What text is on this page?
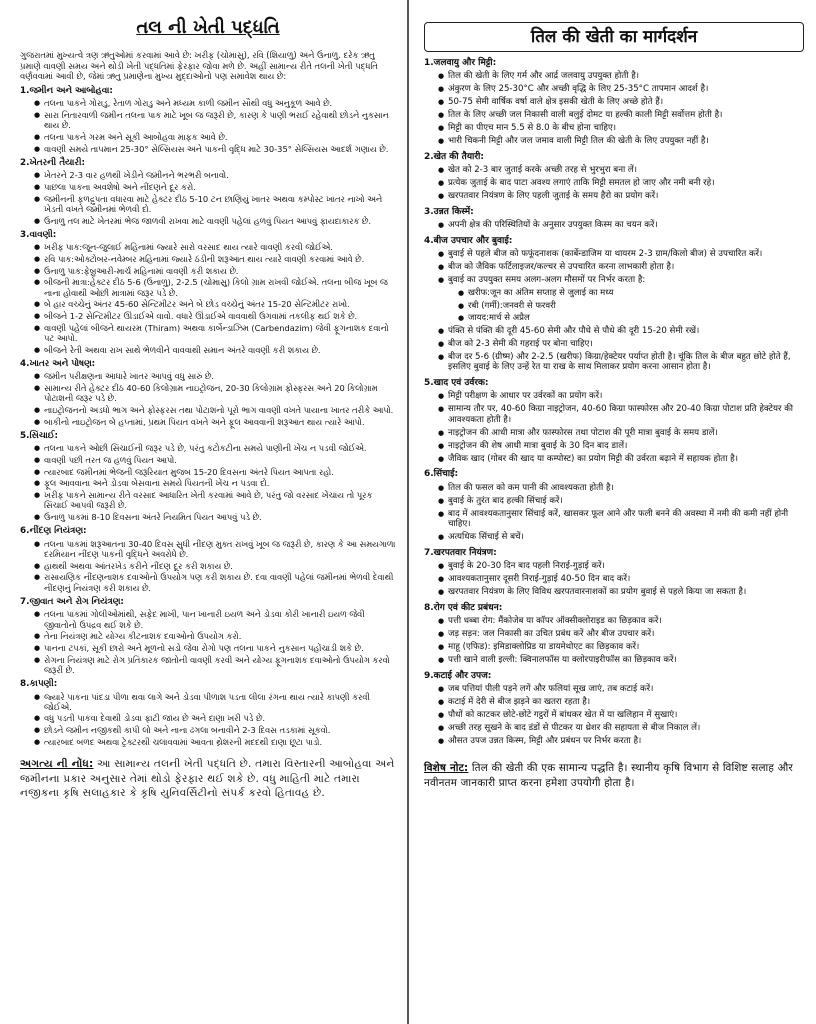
તલ ની ખેતી પદ્ધતિ
ગુજરાતમાં મુખ્યત્વે ત્રણ ઋતુઓમાં કરવામાં આવે છે: ખરીફ (ચોમાસુ), રવિ (શિયાળુ) અને ઉનાળુ. દરેક ઋતુ પ્રમાણે વાવણી સમય અને થોડી ખેતી પદ્ધતિમાં ફેરફાર જોવા મળે છે. અહીં સામાન્ય રીતે તલની ખેતી પદ્ધતિ વર્ણવવામાં આવી છે, જેમાં ઋતુ પ્રમાણેના મુખ્ય મુદ્દાઓનો પણ સમાવેશ થાય છે:
1.જમીન અને આબોહવા:
● તલના પાકને ગોરાડુ, રેતાળ ગોરાડુ અને મધ્યમ કાળી જમીન સૌથી વધુ અનુકૂળ આવે છે.
● સારા નિતારવાળી જમીન તલના પાક માટે ખૂબ જ જરૂરી છે, કારણ કે પાણી ભરાઈ રહેવાથી છોડને નુકસાન થાય છે.
● તલના પાકને ગરમ અને સૂકી આબોહવા માફક આવે છે.
● વાવણી સમયે તાપમાન 25-30° સેલ્સિયસ અને પાકની વૃદ્ધિ માટે 30-35° સેલ્સિયસ આદર્શ ગણાય છે.
2.ખેતરની તૈયારી:
● ખેતરને 2-3 વાર હળથી ખેડીને જમીનને ભરભરી બનાવો.
● પાછલા પાકના અવશેષો અને નીંદણને દૂર કરો.
● જમીનની ફળદ્રુપતા વધારવા માટે હેક્ટર દીઠ 5-10 ટન છાણિયું ખાતર અથવા કમ્પોસ્ટ ખાતર નાખો અને ખેડતી વખતે જમીનમાં ભેળવી દો.
● ઉનાળુ તલ માટે ખેતરમાં ભેજ જાળવી રાખવા માટે વાવણી પહેલાં હળવું પિયત આપવું ફાયદાકારક છે.
3.વાવણી:
● ખરીફ પાક:જૂન-જુલાઈ મહિનામાં જ્યારે સારો વરસાદ થાય ત્યારે વાવણી કરવી જોઈએ.
● રવિ પાક:ઓક્ટોબર-નવેમ્બર મહિનામાં જ્યારે ઠંડીની શરૂઆત થાય ત્યારે વાવણી કરવામાં આવે છે.
● ઉનાળુ પાક:ફેબ્રુઆરી-માર્ચ મહિનામાં વાવણી કરી શકાય છે.
● બીજની માત્રા:હેક્ટર દીઠ 5-6 (ઉનાળુ), 2-2.5 (ચોમાસુ) કિલો ગ્રામ રાખવી જોઈએ. તલના બીજ ખૂબ જ નાના હોવાથી ઓછી માત્રામાં જરૂર પડે છે.
● બે હાર વચ્ચેનું અંતર 45-60 સેન્ટિમીટર અને બે છોડ વચ્ચેનું અંતર 15-20 સેન્ટિમીટર રાખો.
● બીજને 1-2 સેન્ટિમીટર ઊંડાઈએ વાવો. વધારે ઊંડાઈએ વાવવાથી ઉગવામાં તકલીફ થઈ શકે છે.
● વાવણી પહેલાં બીજને થાયરમ (Thiram) અથવા કાર્બેન્ડાઝિમ (Carbendazim) જેવી ફૂગનાશક દવાનો પટ આપો.
● બીજને રેતી અથવા રાખ સાથે ભેળવીને વાવવાથી સમાન અંતરે વાવણી કરી શકાય છે.
4.ખાતર અને પોષણ:
● જમીન પરીક્ષણના આધારે ખાતર આપવું વધુ સારું છે.
● સામાન્ય રીતે હેક્ટર દીઠ 40-60 કિલોગ્રામ નાઇટ્રોજન, 20-30 કિલોગ્રામ ફોસ્ફરસ અને 20 કિલોગ્રામ પોટાશની જરૂર પડે છે.
● નાઇટ્રોજનનો અડધો ભાગ અને ફોસ્ફરસ તથા પોટાશનો પૂરો ભાગ વાવણી વખતે પાયાના ખાતર તરીકે આપો.
● બાકીનો નાઇટ્રોજન બે હપ્તામાં, પ્રથમ પિયત વખતે અને ફૂલ આવવાની શરૂઆત થાય ત્યારે આપો.
5.સિંચાઈ:
● તલના પાકને ઓછી સિંચાઈની જરૂર પડે છે, પરંતુ કટોકટીના સમયે પાણીની ખેંચ ન પડવી જોઈએ.
● વાવણી પછી તરત જ હળવું પિયત આપો.
● ત્યારબાદ જમીનમાં ભેજની જરૂરિયાત મુજબ 15-20 દિવસના અંતરે પિયત આપતા રહો.
● ફૂલ આવવાના અને ડોડવા બેસવાના સમયે પિયતની ખેંચ ન પડવા દો.
● ખરીફ પાકને સામાન્ય રીતે વરસાદ આધારિત ખેતી કરવામાં આવે છે, પરંતુ જો વરસાદ ખેંચાય તો પૂરક સિંચાઈ આપવી જરૂરી છે.
● ઉનાળુ પાકમાં 8-10 દિવસના અંતરે નિયમિત પિયત આપવું પડે છે.
6.નીંદણ નિયંત્રણ:
● તલના પાકમાં શરૂઆતના 30-40 દિવસ સુધી નીંદણ મુક્ત રાખવું ખૂબ જ જરૂરી છે, કારણ કે આ સમયગાળા દરમિયાન નીંદણ પાકની વૃદ્ધિને અવરોધે છે.
● હાથથી અથવા આંતરખેડ કરીને નીંદણ દૂર કરી શકાય છે.
● રાસાયણિક નીંદણનાશક દવાઓનો ઉપયોગ પણ કરી શકાય છે. દવા વાવણી પહેલાં જમીનમાં ભેળવી દેવાથી નીંદણનું નિયંત્રણ કરી શકાય છે.
7.જીવાત અને રોગ નિયંત્રણ:
● તલના પાકમાં ગોલીઓમાંથી, સફેદ માખી, પાન ખાનારી ઇયળ અને ડોડવા કોરી ખાનારી ઇયળ જેવી જીવાતોનો ઉપદ્રવ થઈ શકે છે.
● તેના નિયંત્રણ માટે યોગ્ય કીટનાશક દવાઓનો ઉપયોગ કરો.
● પાનના ટપકાં, સૂકી છારો અને મૂળનો સડો જેવા રોગો પણ તલના પાકને નુકસાન પહોંચાડી શકે છે.
● રોગના નિયંત્રણ માટે રોગ પ્રતિકારક જાતોની વાવણી કરવી અને યોગ્ય ફૂગનાશક દવાઓનો ઉપયોગ કરવો જરૂરી છે.
8.કાપણી:
● જ્યારે પાકના પાંદડા પીળા થવા લાગે અને ડોડવા પીળાશ પડતા લીલા રંગના થાય ત્યારે કાપણી કરવી જોઈએ.
● વધુ પડતી પાકવા દેવાથી ડોડવા ફાટી જાય છે અને દાણા ખરી પડે છે.
● છોડને જમીન નજીકથી કાપી લો અને નાના ઢગલા બનાવીને 2-3 દિવસ તડકામાં સૂકવો.
● ત્યારબાદ બળદ અથવા ટ્રેક્ટરથી ચલાવવામાં આવતા થ્રેશરની મદદથી દાણા છૂટા પાડો.
અગત્ય ની નોંધ: આ સામાન્ય તલની ખેતી પદ્ધતિ છે. તમારા વિસ્તારની આબોહવા અને જમીનના પ્રકાર અનુસાર તેમાં થોડો ફેરફાર થઈ શકે છે. વધુ માહિતી માટે તમારા નજીકના કૃષિ સલાહકાર કે કૃષિ યુનિવર્સિટીનો સંપર્ક કરવો હિતાવહ છે.
तिल की खेती का मार्गदर्शन
1.जलवायु और मिट्टी:
● तिल की खेती के लिए गर्म और आर्द्र जलवायु उपयुक्त होती है।
● अंकुरण के लिए 25-30°C और अच्छी वृद्धि के लिए 25-35°C तापमान आदर्श है।
● 50-75 सेमी वार्षिक वर्षा वाले क्षेत्र इसकी खेती के लिए अच्छे होते हैं।
● तिल के लिए अच्छी जल निकासी वाली बलुई दोमट या हल्की काली मिट्टी सर्वोत्तम होती है।
● मिट्टी का पीएच मान 5.5 से 8.0 के बीच होना चाहिए।
● भारी चिकनी मिट्टी और जल जमाव वाली मिट्टी तिल की खेती के लिए उपयुक्त नहीं है।
2.खेत की तैयारी:
● खेत को 2-3 बार जुताई करके अच्छी तरह से भुरभुरा बना लें।
● प्रत्येक जुताई के बाद पाटा अवश्य लगाएं ताकि मिट्टी समतल हो जाए और नमी बनी रहे।
● खरपतवार नियंत्रण के लिए पहली जुताई के समय हैरो का प्रयोग करें।
3.उन्नत किस्में:
● अपनी क्षेत्र की परिस्थितियों के अनुसार उपयुक्त किस्म का चयन करें।
4.बीज उपचार और बुवाई:
● बुवाई से पहले बीज को फफूंदनाशक (कार्बेन्डाजिम या थायरम 2-3 ग्राम/किलो बीज) से उपचारित करें।
● बीज को जैविक फर्टिलाइजर/कल्चर से उपचारित करना लाभकारी होता है।
● बुवाई का उपयुक्त समय अलग-अलग मौसमों पर निर्भर करता है:
● खरीफ:जून का अंतिम सप्ताह से जुलाई का मध्य
● रबी (गर्मी):जनवरी से फरवरी
● जायद:मार्च से अप्रैल
● पंक्ति से पंक्ति की दूरी 45-60 सेमी और पौधे से पौधे की दूरी 15-20 सेमी रखें।
● बीज को 2-3 सेमी की गहराई पर बोना चाहिए।
● बीज दर 5-6 (ग्रीष्म) और 2-2.5 (खरीफ) किग्रा/हेक्टेयर पर्याप्त होती है। चूंकि तिल के बीज बहुत छोटे होते हैं, इसलिए बुवाई के लिए उन्हें रेत या राख के साथ मिलाकर प्रयोग करना आसान होता है।
5.खाद एवं उर्वरक:
● मिट्टी परीक्षण के आधार पर उर्वरकों का प्रयोग करें।
● सामान्य तौर पर, 40-60 किग्रा नाइट्रोजन, 40-60 किग्रा फास्फोरस और 20-40 किग्रा पोटाश प्रति हेक्टेयर की आवश्यकता होती है।
● नाइट्रोजन की आधी मात्रा और फास्फोरस तथा पोटाश की पूरी मात्रा बुवाई के समय डालें।
● नाइट्रोजन की शेष आधी मात्रा बुवाई के 30 दिन बाद डालें।
● जैविक खाद (गोबर की खाद या कम्पोस्ट) का प्रयोग मिट्टी की उर्वरता बढ़ाने में सहायक होता है।
6.सिंचाई:
● तिल की फसल को कम पानी की आवश्यकता होती है।
● बुवाई के तुरंत बाद हल्की सिंचाई करें।
● बाद में आवश्यकतानुसार सिंचाई करें, खासकर फूल आने और फली बनने की अवस्था में नमी की कमी नहीं होनी चाहिए।
● अत्यधिक सिंचाई से बचें।
7.खरपतवार नियंत्रण:
● बुवाई के 20-30 दिन बाद पहली निराई-गुड़ाई करें।
● आवश्यकतानुसार दूसरी निराई-गुड़ाई 40-50 दिन बाद करें।
● खरपतवार नियंत्रण के लिए विविध खरपतवारनाशकों का प्रयोग बुवाई से पहले किया जा सकता है।
8.रोग एवं कीट प्रबंधन:
● पत्ती धब्बा रोग: मैंकोजेब या कॉपर ऑक्सीक्लोराइड का छिड़काव करें।
● जड़ सड़न: जल निकासी का उचित प्रबंध करें और बीज उपचार करें।
● माहू (एफिड): इमिडाक्लोप्रिड या डायमेथोएट का छिड़काव करें।
● पत्ती खाने वाली इल्ली: क्विनालफॉस या क्लोरपाइरीफॉस का छिड़काव करें।
9.कटाई और उपज:
● जब पत्तियां पीली पड़ने लगें और फलियां सूख जाएं, तब कटाई करें।
● कटाई में देरी से बीज झड़ने का खतरा रहता है।
● पौधों को काटकर छोटे-छोटे गट्ठरों में बांधकर खेत में या खलिहान में सुखाएं।
● अच्छी तरह सूखने के बाद डंडों से पीटकर या थ्रेशर की सहायता से बीज निकाल लें।
● औसत उपज उन्नत किस्म, मिट्टी और प्रबंधन पर निर्भर करता है।
विशेष नोट: तिल की खेती की एक सामान्य पद्धति है। स्थानीय कृषि विभाग से विशिष्ट सलाह और नवीनतम जानकारी प्राप्त करना हमेशा उपयोगी होता है।
